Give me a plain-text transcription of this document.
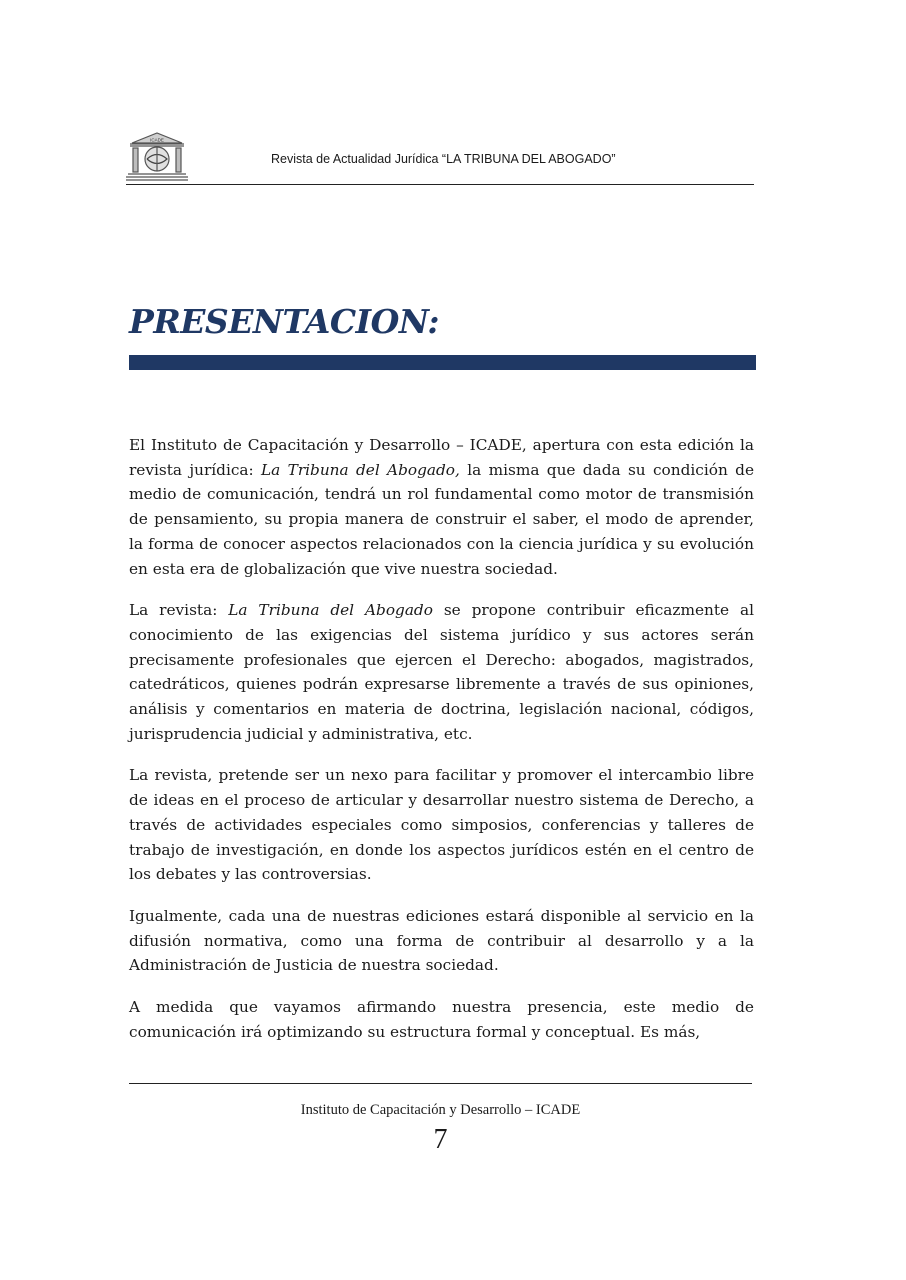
ICADE
Revista de Actualidad Jurídica “LA TRIBUNA DEL ABOGADO”
PRESENTACION:

El Instituto de Capacitación y Desarrollo – ICADE, apertura con esta edición la revista jurídica: La Tribuna del Abogado, la misma que dada su condición de medio de comunicación, tendrá un rol fundamental como motor de transmisión de pensamiento, su propia manera de construir el saber, el modo de aprender, la forma de conocer aspectos relacionados con la ciencia jurídica y su evolución en esta era de globalización que vive nuestra sociedad.

La revista: La Tribuna del Abogado se propone contribuir eficazmente al conocimiento de las exigencias del sistema jurídico y sus actores serán precisamente profesionales que ejercen el Derecho: abogados, magistrados, catedráticos, quienes podrán expresarse libremente a través de sus opiniones, análisis y comentarios en materia de doctrina, legislación nacional, códigos, jurisprudencia judicial y administrativa, etc.

La revista, pretende ser un nexo para facilitar y promover el intercambio libre de ideas en el proceso de articular y desarrollar nuestro sistema de Derecho, a través de actividades especiales como simposios, conferencias y talleres de trabajo de investigación, en donde los aspectos jurídicos estén en el centro de los debates y las controversias.

Igualmente, cada una de nuestras ediciones estará disponible al servicio en la difusión normativa, como una forma de contribuir al desarrollo y a la Administración de Justicia de nuestra sociedad.

A medida que vayamos afirmando nuestra presencia, este medio de comunicación irá optimizando su estructura formal y conceptual. Es más,

Instituto de Capacitación y Desarrollo – ICADE
7
